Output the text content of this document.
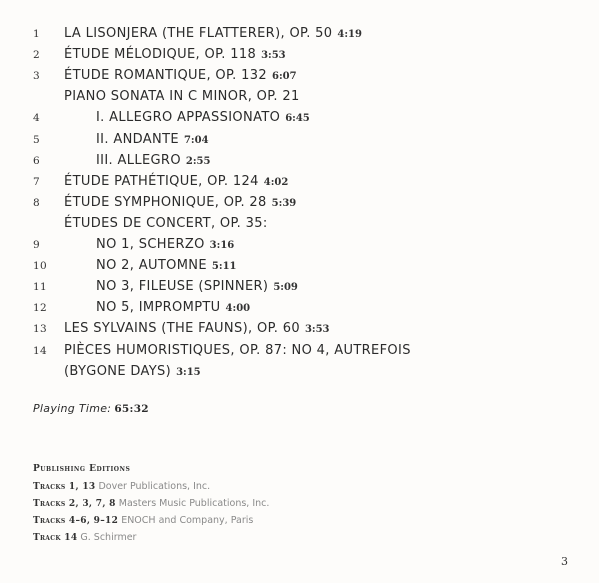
1 LA LISONJERA (THE FLATTERER), OP. 50 4:19
2 ÉTUDE MÉLODIQUE, OP. 118 3:53
3 ÉTUDE ROMANTIQUE, OP. 132 6:07
PIANO SONATA IN C MINOR, OP. 21
4	I. ALLEGRO APPASSIONATO 6:45
5	II. ANDANTE 7:04
6	III. ALLEGRO 2:55
7 ÉTUDE PATHÉTIQUE, OP. 124 4:02
8 ÉTUDE SYMPHONIQUE, OP. 28 5:39
ÉTUDES DE CONCERT, OP. 35:
9	NO 1, SCHERZO 3:16
10	NO 2, AUTOMNE 5:11
11	NO 3, FILEUSE (SPINNER) 5:09
12	NO 5, IMPROMPTU 4:00
13 LES SYLVAINS (THE FAUNS), OP. 60 3:53
14 PIÈCES HUMORISTIQUES, OP. 87: NO 4, AUTREFOIS
(BYGONE DAYS) 3:15
Playing Time: 65:32
Publishing Editions
Tracks 1, 13 Dover Publications, Inc.
Tracks 2, 3, 7, 8 Masters Music Publications, Inc.
Tracks 4–6, 9–12 ENOCH and Company, Paris
Track 14 G. Schirmer
3
